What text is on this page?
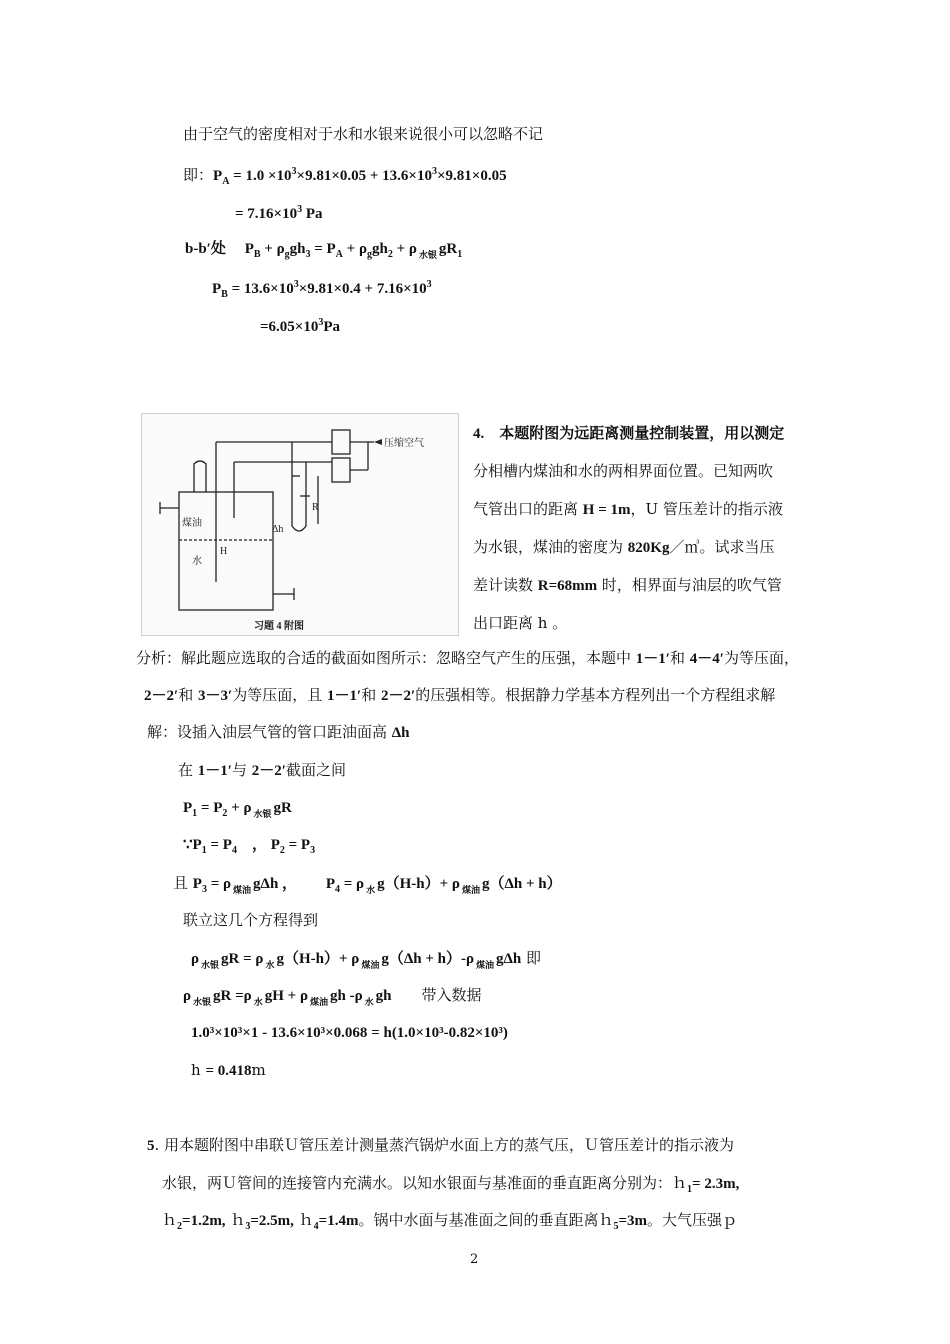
由于空气的密度相对于水和水银来说很小可以忽略不记
即：$P_A = 1.0 \times 10^3\times 9.81\times 0.05 + 13.6\times 10^3\times 9.81\times 0.05$
= $7.16\times 10^3$ Pa
b-b′处 $P_B + \rho_ggh_3 = P_A + \rho_ggh_2 + \rho$ $_{水银}$ $gR_1$
$P_B = 13.6\times 10^3\times 9.81\times 0.4 + 7.16\times 10^3$
$=6.05\times 10^3Pa$
压缩空气
煤油
水
H
R
Δh
习题 4 附图
4.　本题附图为远距离测量控制装置，用以测定
分相槽内煤油和水的两相界面位置。已知两吹
气管出口的距离 H = 1m，U 管压差计的指示液
为水银，煤油的密度为 820Kg／㎥。试求当压
差计读数 R=68mm 时，相界面与油层的吹气管
出口距离 h 。
分析：解此题应选取的合适的截面如图所示：忽略空气产生的压强，本题中 1－1′和 4－4′为等压面，
2－2′和 3－3′为等压面，且 1－1′和 2－2′的压强相等。根据静力学基本方程列出一个方程组求解
解：设插入油层气管的管口距油面高 Δh
在 1－1′与 2－2′截面之间
$P_1 = P_2 + \rho$ $_{水银}$ gR
$\because P_1 = P_4$　， $P_2 = P_3$
且 $P_3 = \rho$ $_{煤油}$ gΔh ， $P_4 = \rho$ $_水$ g（H-h）+ ρ $_{煤油}$ g（Δh + h）
联立这几个方程得到
ρ $_{水银}$ gR = ρ $_水$ g（H-h）+ ρ $_{煤油}$ g（Δh + h）-ρ $_{煤油}$ gΔh 即
ρ $_{水银}$ gR =ρ $_水$ gH + ρ $_{煤油}$ gh -ρ $_水$ gh　　带入数据
1.0³×10³×1 - 13.6×10³×0.068 = h(1.0×10³-0.82×10³)
h = 0.418m
5. 用本题附图中串联Ｕ管压差计测量蒸汽锅炉水面上方的蒸气压，Ｕ管压差计的指示液为
水银，两Ｕ管间的连接管内充满水。以知水银面与基准面的垂直距离分别为：ｈ$_1$= 2.3m,
ｈ$_2$=1.2m, ｈ$_3$=2.5m, ｈ$_4$=1.4m。锅中水面与基准面之间的垂直距离ｈ$_5$=3m。大气压强ｐ
2
